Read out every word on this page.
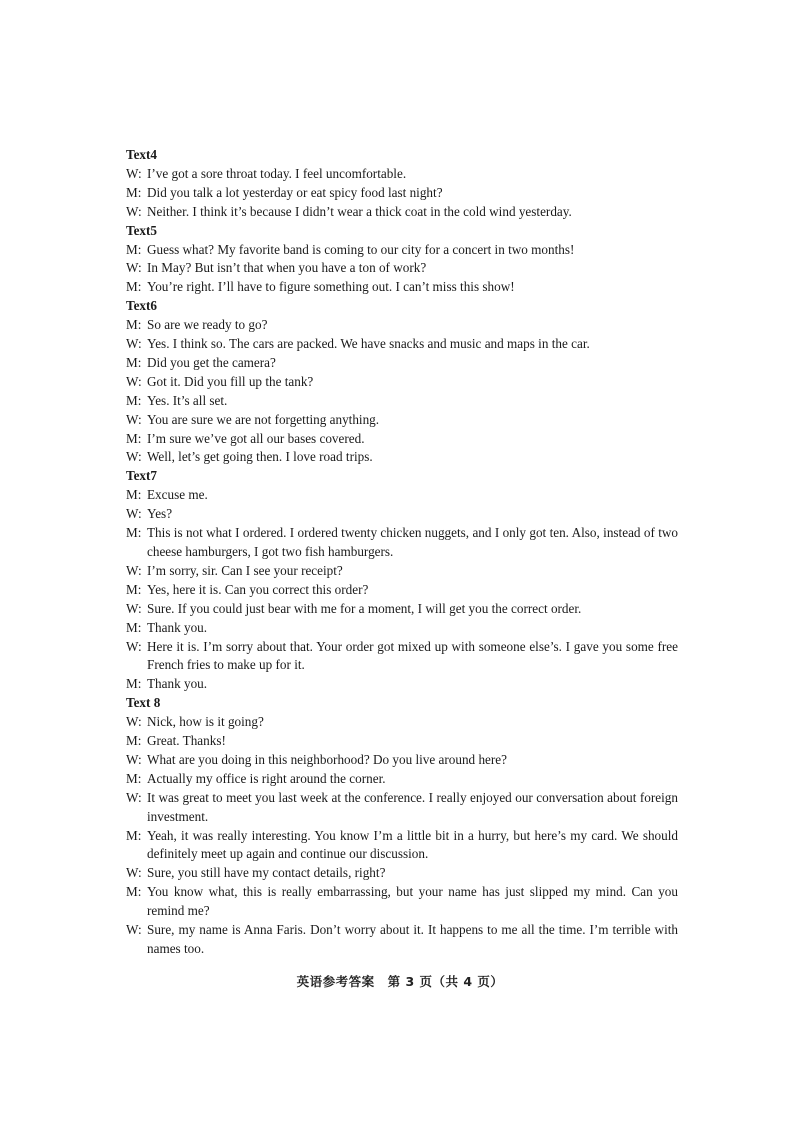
Text4
W: I’ve got a sore throat today. I feel uncomfortable.
M: Did you talk a lot yesterday or eat spicy food last night?
W: Neither. I think it’s because I didn’t wear a thick coat in the cold wind yesterday.
Text5
M: Guess what? My favorite band is coming to our city for a concert in two months!
W: In May? But isn’t that when you have a ton of work?
M: You’re right. I’ll have to figure something out. I can’t miss this show!
Text6
M: So are we ready to go?
W: Yes. I think so. The cars are packed. We have snacks and music and maps in the car.
M: Did you get the camera?
W: Got it. Did you fill up the tank?
M: Yes. It’s all set.
W: You are sure we are not forgetting anything.
M: I’m sure we’ve got all our bases covered.
W: Well, let’s get going then. I love road trips.
Text7
M: Excuse me.
W: Yes?
M: This is not what I ordered. I ordered twenty chicken nuggets, and I only got ten. Also, instead of two cheese hamburgers, I got two fish hamburgers.
W: I’m sorry, sir. Can I see your receipt?
M: Yes, here it is. Can you correct this order?
W: Sure. If you could just bear with me for a moment, I will get you the correct order.
M: Thank you.
W: Here it is. I’m sorry about that. Your order got mixed up with someone else’s. I gave you some free French fries to make up for it.
M: Thank you.
Text 8
W: Nick, how is it going?
M: Great. Thanks!
W: What are you doing in this neighborhood? Do you live around here?
M: Actually my office is right around the corner.
W: It was great to meet you last week at the conference. I really enjoyed our conversation about foreign investment.
M: Yeah, it was really interesting. You know I’m a little bit in a hurry, but here’s my card. We should definitely meet up again and continue our discussion.
W: Sure, you still have my contact details, right?
M: You know what, this is really embarrassing, but your name has just slipped my mind. Can you remind me?
W: Sure, my name is Anna Faris. Don’t worry about it. It happens to me all the time. I’m terrible with names too.
英语参考答案　第 3 页（共 4 页）
